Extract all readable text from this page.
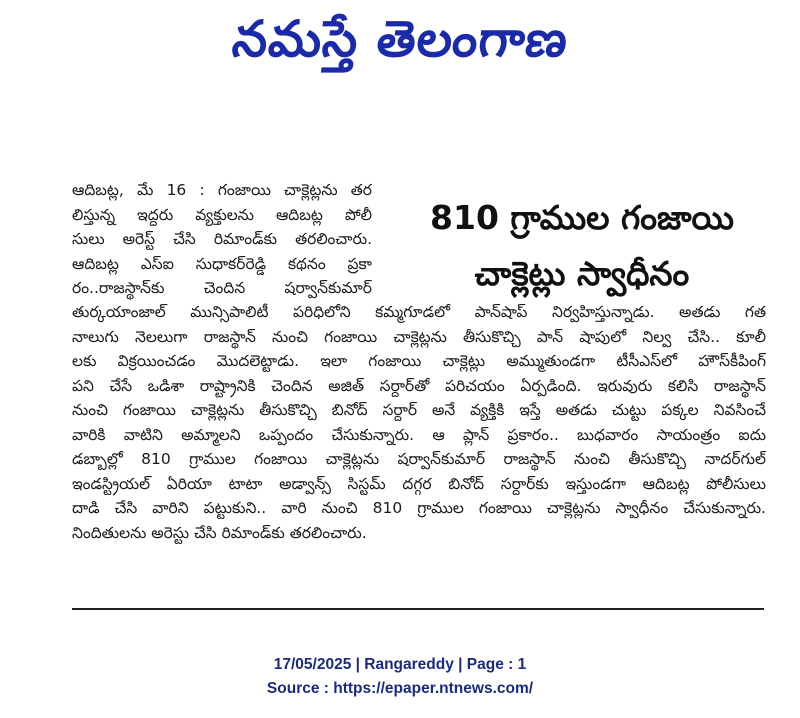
నమస్తే తెలంగాణ
ఆదిబట్ల, మే 16 : గంజాయి చాక్లెట్లను తర
లిస్తున్న ఇద్దరు వ్యక్తులను ఆదిబట్ల పోలీ
సులు అరెస్ట్ చేసి రిమాండ్‌కు తరలించారు.
ఆదిబట్ల ఎస్ఐ సుధాకర్‌రెడ్డి కథనం ప్రకా
రం..రాజస్థాన్‌కు చెందిన షర్వాన్‌కుమార్
810 గ్రాముల గంజాయి
చాక్లెట్లు స్వాధీనం
తుర్కయాంజాల్ మున్సిపాలిటీ పరిధిలోని కమ్మగూడలో పాన్‌షాప్ నిర్వహిస్తున్నాడు. అతడు గత
నాలుగు నెలలుగా రాజస్థాన్ నుంచి గంజాయి చాక్లెట్లను తీసుకొచ్చి పాన్ షాపులో నిల్వ చేసి.. కూలీ
లకు విక్రయించడం మొదలెట్టాడు. ఇలా గంజాయి చాక్లెట్లు అమ్ముతుండగా టీసీఎస్‌లో హౌస్‌కీపింగ్
పని చేసే ఒడిశా రాష్ట్రానికి చెందిన అజిత్ సర్దార్‌తో పరిచయం ఏర్పడింది. ఇరువురు కలిసి రాజస్థాన్
నుంచి గంజాయి చాక్లెట్లను తీసుకొచ్చి బినోద్ సర్దార్ అనే వ్యక్తికి ఇస్తే అతడు చుట్టు పక్కల నివసించే
వారికి వాటిని అమ్మాలని ఒప్పందం చేసుకున్నారు. ఆ ప్లాన్ ప్రకారం.. బుధవారం సాయంత్రం ఐదు
డబ్బాల్లో 810 గ్రాముల గంజాయి చాక్లెట్లను షర్వాన్‌కుమార్ రాజస్థాన్ నుంచి తీసుకొచ్చి నాదర్‌గుల్
ఇండస్ట్రియల్ ఏరియా టాటా అడ్వాన్స్ సిస్టమ్ దగ్గర బినోద్ సర్దార్‌కు ఇస్తుండగా ఆదిబట్ల పోలీసులు
దాడి చేసి వారిని పట్టుకుని.. వారి నుంచి 810 గ్రాముల గంజాయి చాక్లెట్లను స్వాధీనం చేసుకున్నారు.
నిందితులను అరెస్టు చేసి రిమాండ్‌కు తరలించారు.
17/05/2025 | Rangareddy | Page : 1
Source : https://epaper.ntnews.com/
